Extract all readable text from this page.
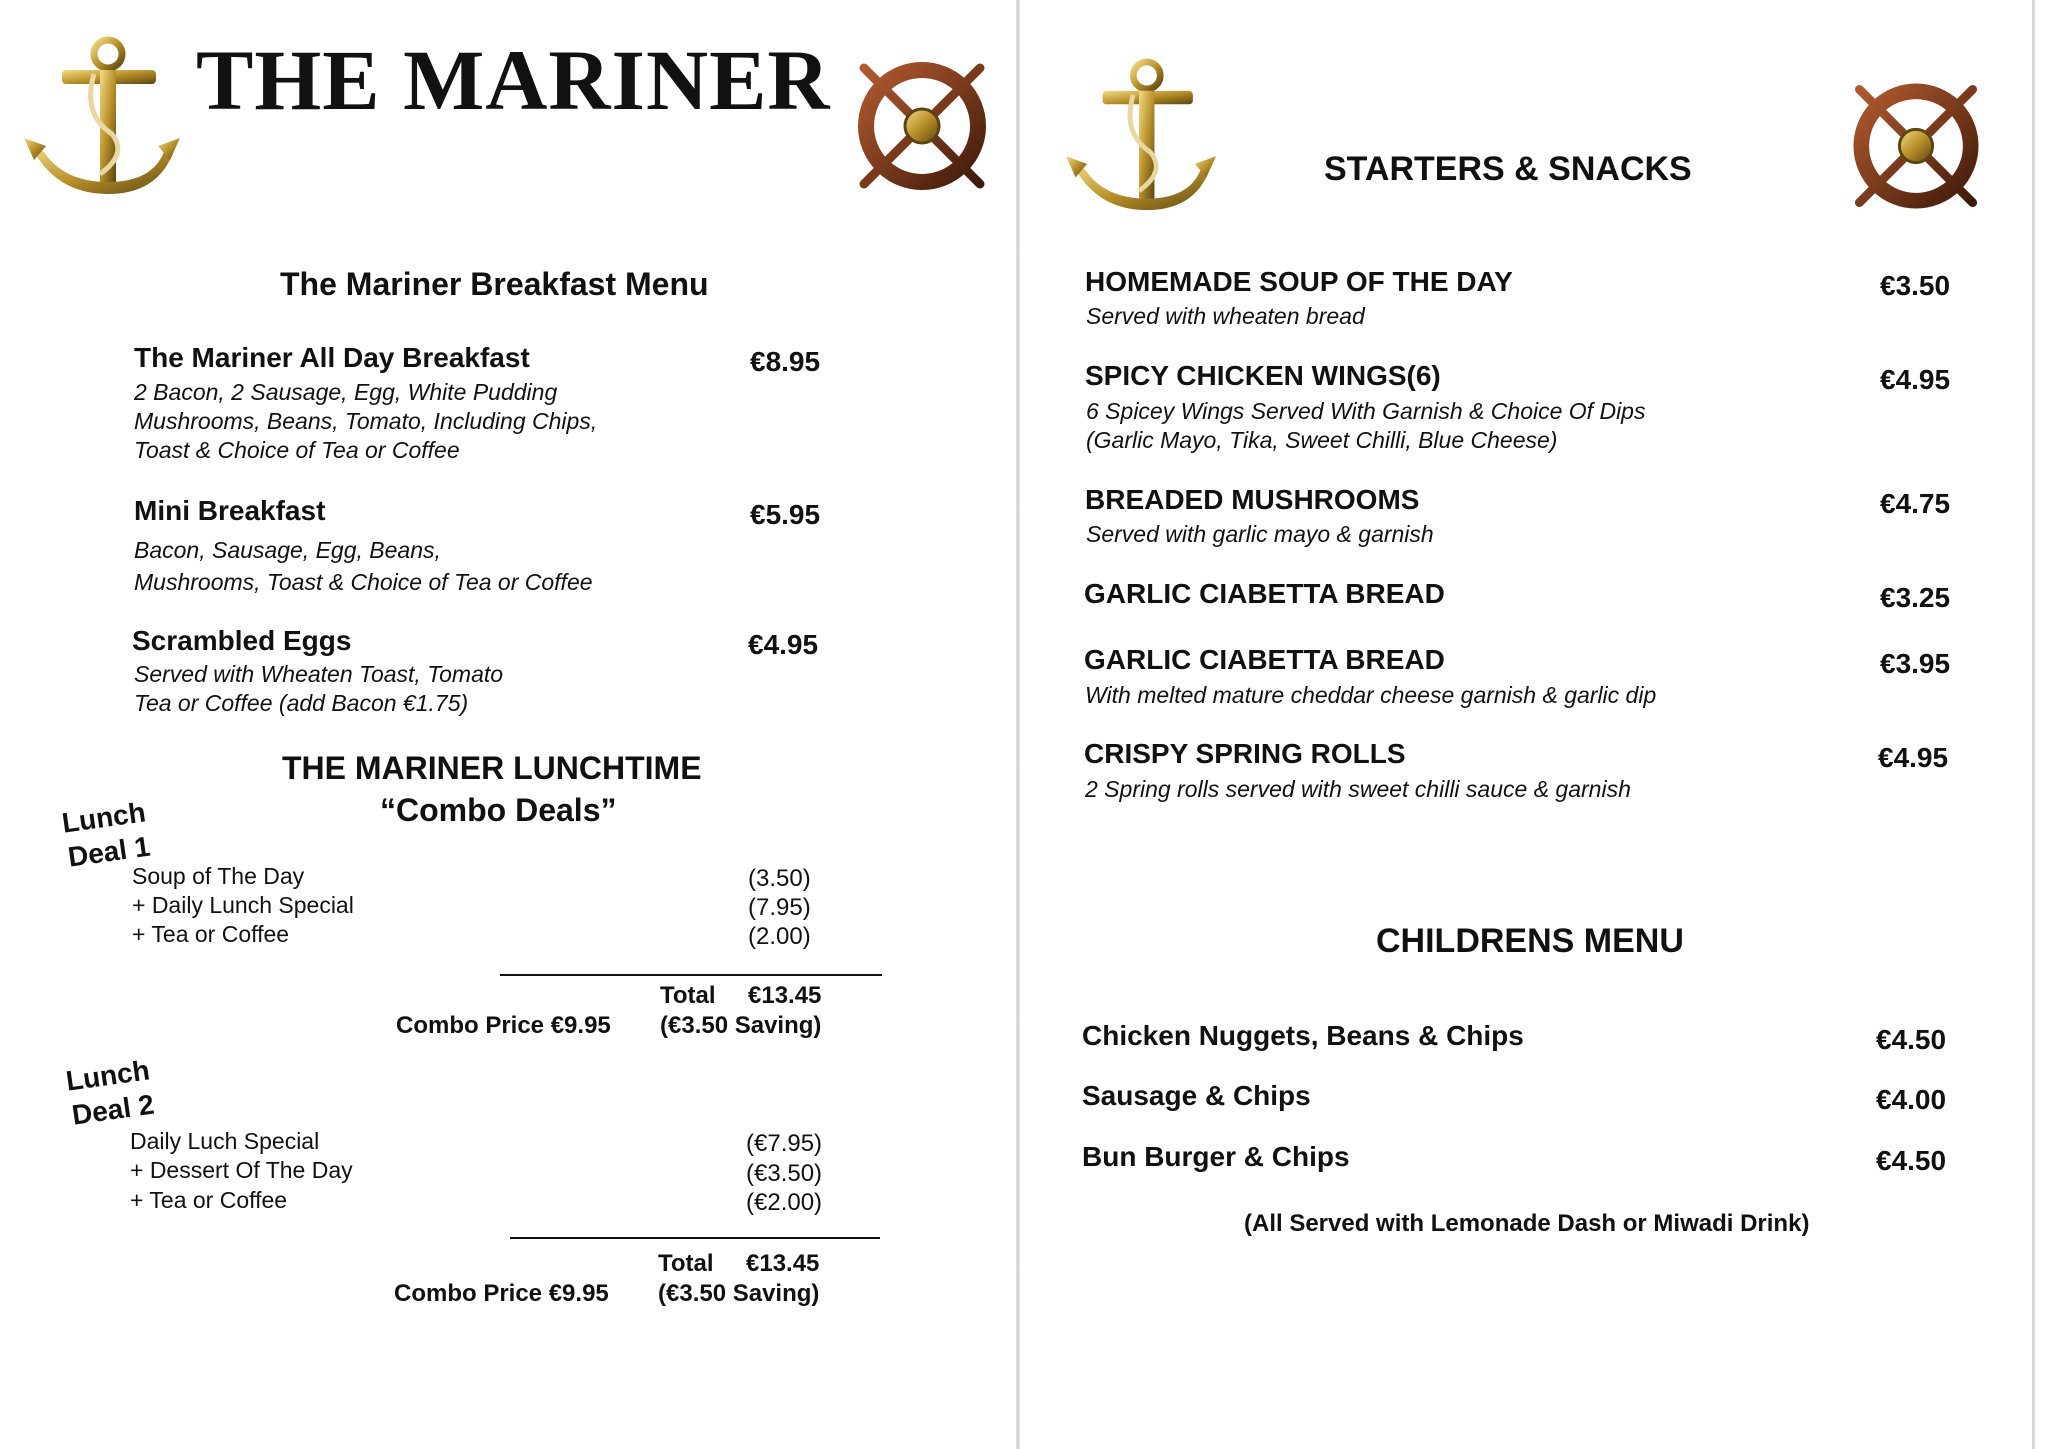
THE MARINER
The Mariner Breakfast Menu
The Mariner All Day Breakfast	€8.95
2 Bacon, 2 Sausage, Egg, White Pudding
Mushrooms, Beans, Tomato, Including Chips,
Toast & Choice of Tea or Coffee
Mini Breakfast	€5.95
Bacon, Sausage, Egg, Beans,
Mushrooms, Toast & Choice of Tea or Coffee
Scrambled Eggs	€4.95
Served with Wheaten Toast, Tomato
Tea or Coffee (add Bacon €1.75)
THE MARINER LUNCHTIME
“Combo Deals”
Lunch
Deal 1
Soup of The Day	(3.50)
+ Daily Lunch Special	(7.95)
+ Tea or Coffee	(2.00)
Total €13.45
Combo Price €9.95 (€3.50 Saving)
Lunch
Deal 2
Daily Luch Special	(€7.95)
+ Dessert Of The Day	(€3.50)
+ Tea or Coffee	(€2.00)
Total €13.45
Combo Price €9.95 (€3.50 Saving)
STARTERS & SNACKS
HOMEMADE SOUP OF THE DAY	€3.50
Served with wheaten bread
SPICY CHICKEN WINGS(6)	€4.95
6 Spicey Wings Served With Garnish & Choice Of Dips
(Garlic Mayo, Tika, Sweet Chilli, Blue Cheese)
BREADED MUSHROOMS	€4.75
Served with garlic mayo & garnish
GARLIC CIABETTA BREAD	€3.25
GARLIC CIABETTA BREAD	€3.95
With melted mature cheddar cheese garnish & garlic dip
CRISPY SPRING ROLLS	€4.95
2 Spring rolls served with sweet chilli sauce & garnish
CHILDRENS MENU
Chicken Nuggets, Beans & Chips	€4.50
Sausage & Chips	€4.00
Bun Burger & Chips	€4.50
(All Served with Lemonade Dash or Miwadi Drink)
